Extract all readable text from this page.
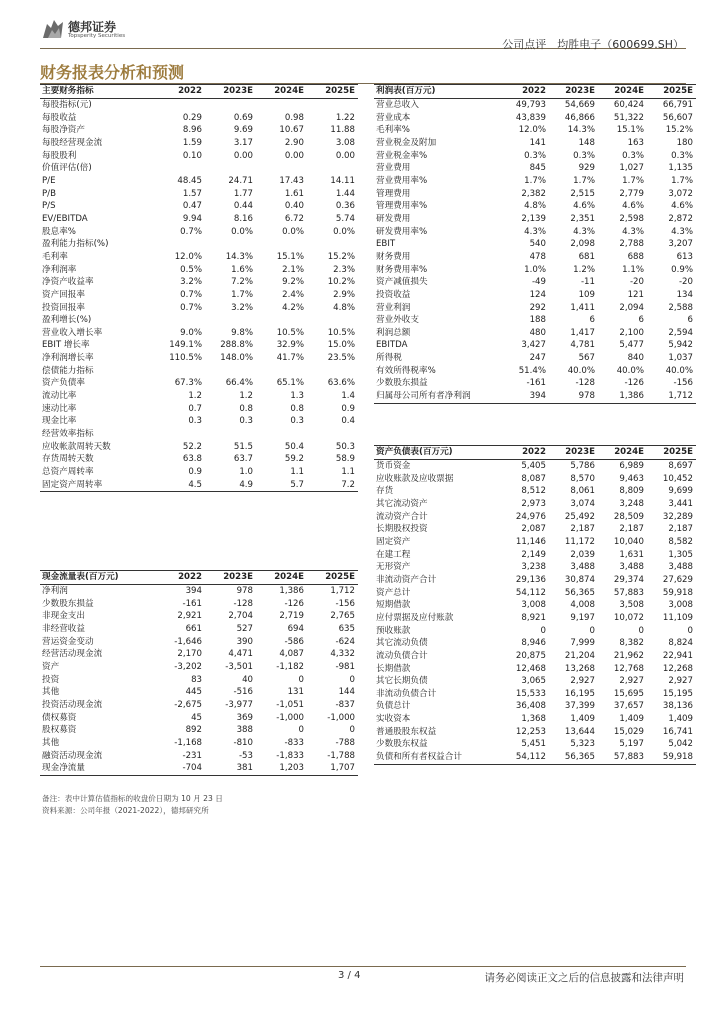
德邦证券
Topsperity Securities
公司点评　均胜电子（600699.SH）
财务报表分析和预测
主要财务指标	2022	2023E	2024E	2025E
每股指标(元)				
每股收益	0.29	0.69	0.98	1.22
每股净资产	8.96	9.69	10.67	11.88
每股经营现金流	1.59	3.17	2.90	3.08
每股股利	0.10	0.00	0.00	0.00
价值评估(倍)				
P/E	48.45	24.71	17.43	14.11
P/B	1.57	1.77	1.61	1.44
P/S	0.47	0.44	0.40	0.36
EV/EBITDA	9.94	8.16	6.72	5.74
股息率%	0.7%	0.0%	0.0%	0.0%
盈利能力指标(%)				
毛利率	12.0%	14.3%	15.1%	15.2%
净利润率	0.5%	1.6%	2.1%	2.3%
净资产收益率	3.2%	7.2%	9.2%	10.2%
资产回报率	0.7%	1.7%	2.4%	2.9%
投资回报率	0.7%	3.2%	4.2%	4.8%
盈利增长(%)				
营业收入增长率	9.0%	9.8%	10.5%	10.5%
EBIT 增长率	149.1%	288.8%	32.9%	15.0%
净利润增长率	110.5%	148.0%	41.7%	23.5%
偿债能力指标				
资产负债率	67.3%	66.4%	65.1%	63.6%
流动比率	1.2	1.2	1.3	1.4
速动比率	0.7	0.8	0.8	0.9
现金比率	0.3	0.3	0.3	0.4
经营效率指标				
应收帐款周转天数	52.2	51.5	50.4	50.3
存货周转天数	63.8	63.7	59.2	58.9
总资产周转率	0.9	1.0	1.1	1.1
固定资产周转率	4.5	4.9	5.7	7.2
现金流量表(百万元)	2022	2023E	2024E	2025E
净利润	394	978	1,386	1,712
少数股东损益	-161	-128	-126	-156
非现金支出	2,921	2,704	2,719	2,765
非经营收益	661	527	694	635
营运资金变动	-1,646	390	-586	-624
经营活动现金流	2,170	4,471	4,087	4,332
资产	-3,202	-3,501	-1,182	-981
投资	83	40	0	0
其他	445	-516	131	144
投资活动现金流	-2,675	-3,977	-1,051	-837
债权募资	45	369	-1,000	-1,000
股权募资	892	388	0	0
其他	-1,168	-810	-833	-788
融资活动现金流	-231	-53	-1,833	-1,788
现金净流量	-704	381	1,203	1,707
利润表(百万元)	2022	2023E	2024E	2025E
营业总收入	49,793	54,669	60,424	66,791
营业成本	43,839	46,866	51,322	56,607
毛利率%	12.0%	14.3%	15.1%	15.2%
营业税金及附加	141	148	163	180
营业税金率%	0.3%	0.3%	0.3%	0.3%
营业费用	845	929	1,027	1,135
营业费用率%	1.7%	1.7%	1.7%	1.7%
管理费用	2,382	2,515	2,779	3,072
管理费用率%	4.8%	4.6%	4.6%	4.6%
研发费用	2,139	2,351	2,598	2,872
研发费用率%	4.3%	4.3%	4.3%	4.3%
EBIT	540	2,098	2,788	3,207
财务费用	478	681	688	613
财务费用率%	1.0%	1.2%	1.1%	0.9%
资产减值损失	-49	-11	-20	-20
投资收益	124	109	121	134
营业利润	292	1,411	2,094	2,588
营业外收支	188	6	6	6
利润总额	480	1,417	2,100	2,594
EBITDA	3,427	4,781	5,477	5,942
所得税	247	567	840	1,037
有效所得税率%	51.4%	40.0%	40.0%	40.0%
少数股东损益	-161	-128	-126	-156
归属母公司所有者净利润	394	978	1,386	1,712
资产负债表(百万元)	2022	2023E	2024E	2025E
货币资金	5,405	5,786	6,989	8,697
应收账款及应收票据	8,087	8,570	9,463	10,452
存货	8,512	8,061	8,809	9,699
其它流动资产	2,973	3,074	3,248	3,441
流动资产合计	24,976	25,492	28,509	32,289
长期股权投资	2,087	2,187	2,187	2,187
固定资产	11,146	11,172	10,040	8,582
在建工程	2,149	2,039	1,631	1,305
无形资产	3,238	3,488	3,488	3,488
非流动资产合计	29,136	30,874	29,374	27,629
资产总计	54,112	56,365	57,883	59,918
短期借款	3,008	4,008	3,508	3,008
应付票据及应付账款	8,921	9,197	10,072	11,109
预收账款	0	0	0	0
其它流动负债	8,946	7,999	8,382	8,824
流动负债合计	20,875	21,204	21,962	22,941
长期借款	12,468	13,268	12,768	12,268
其它长期负债	3,065	2,927	2,927	2,927
非流动负债合计	15,533	16,195	15,695	15,195
负债总计	36,408	37,399	37,657	38,136
实收资本	1,368	1,409	1,409	1,409
普通股股东权益	12,253	13,644	15,029	16,741
少数股东权益	5,451	5,323	5,197	5,042
负债和所有者权益合计	54,112	56,365	57,883	59,918
备注：表中计算估值指标的收盘价日期为 10 月 23 日
资料来源：公司年报（2021-2022），德邦研究所
3 / 4	请务必阅读正文之后的信息披露和法律声明
